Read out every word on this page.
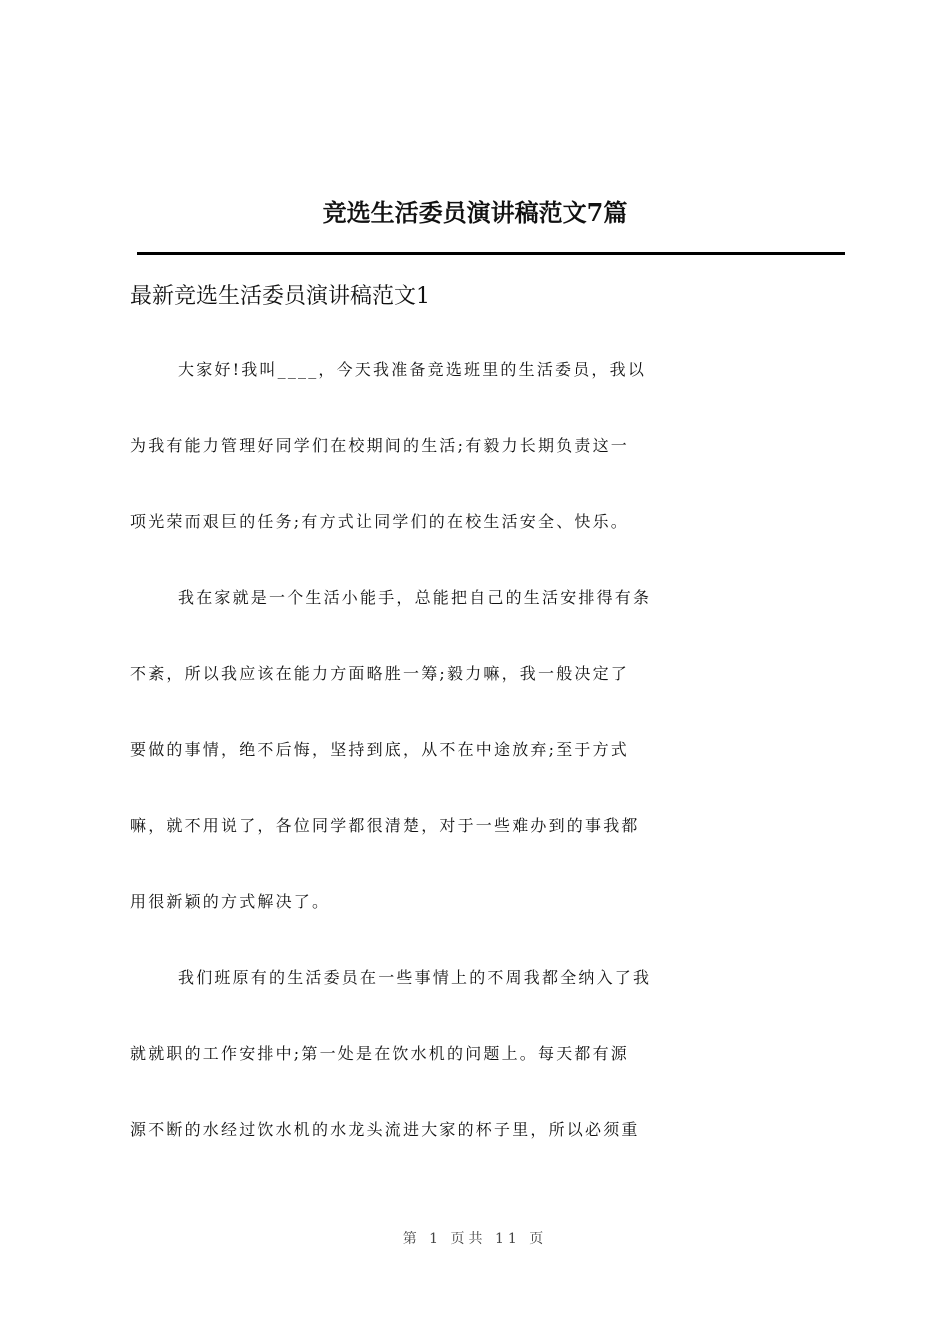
竞选生活委员演讲稿范文7篇

最新竞选生活委员演讲稿范文1

大家好!我叫____，今天我准备竞选班里的生活委员，我以
为我有能力管理好同学们在校期间的生活;有毅力长期负责这一
项光荣而艰巨的任务;有方式让同学们的在校生活安全、快乐。
我在家就是一个生活小能手，总能把自己的生活安排得有条
不紊，所以我应该在能力方面略胜一筹;毅力嘛，我一般决定了
要做的事情，绝不后悔，坚持到底，从不在中途放弃;至于方式
嘛，就不用说了，各位同学都很清楚，对于一些难办到的事我都
用很新颖的方式解决了。
我们班原有的生活委员在一些事情上的不周我都全纳入了我
就就职的工作安排中;第一处是在饮水机的问题上。每天都有源
源不断的水经过饮水机的水龙头流进大家的杯子里，所以必须重

第 1 页共 11 页
